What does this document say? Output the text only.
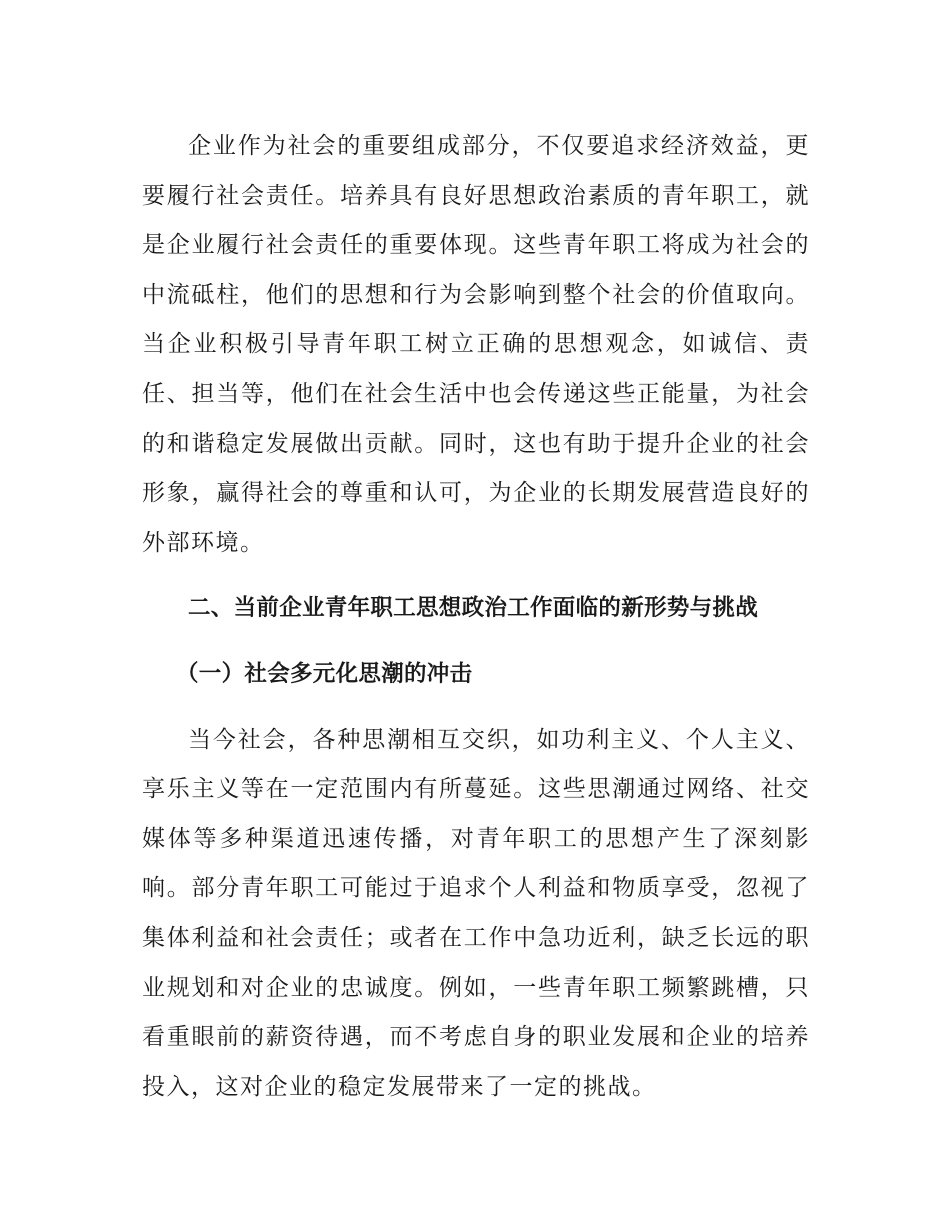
企业作为社会的重要组成部分，不仅要追求经济效益，更要履行社会责任。培养具有良好思想政治素质的青年职工，就是企业履行社会责任的重要体现。这些青年职工将成为社会的中流砥柱，他们的思想和行为会影响到整个社会的价值取向。当企业积极引导青年职工树立正确的思想观念，如诚信、责任、担当等，他们在社会生活中也会传递这些正能量，为社会的和谐稳定发展做出贡献。同时，这也有助于提升企业的社会形象，赢得社会的尊重和认可，为企业的长期发展营造良好的外部环境。

二、当前企业青年职工思想政治工作面临的新形势与挑战

（一）社会多元化思潮的冲击

当今社会，各种思潮相互交织，如功利主义、个人主义、享乐主义等在一定范围内有所蔓延。这些思潮通过网络、社交媒体等多种渠道迅速传播，对青年职工的思想产生了深刻影响。部分青年职工可能过于追求个人利益和物质享受，忽视了集体利益和社会责任；或者在工作中急功近利，缺乏长远的职业规划和对企业的忠诚度。例如，一些青年职工频繁跳槽，只看重眼前的薪资待遇，而不考虑自身的职业发展和企业的培养投入，这对企业的稳定发展带来了一定的挑战。
